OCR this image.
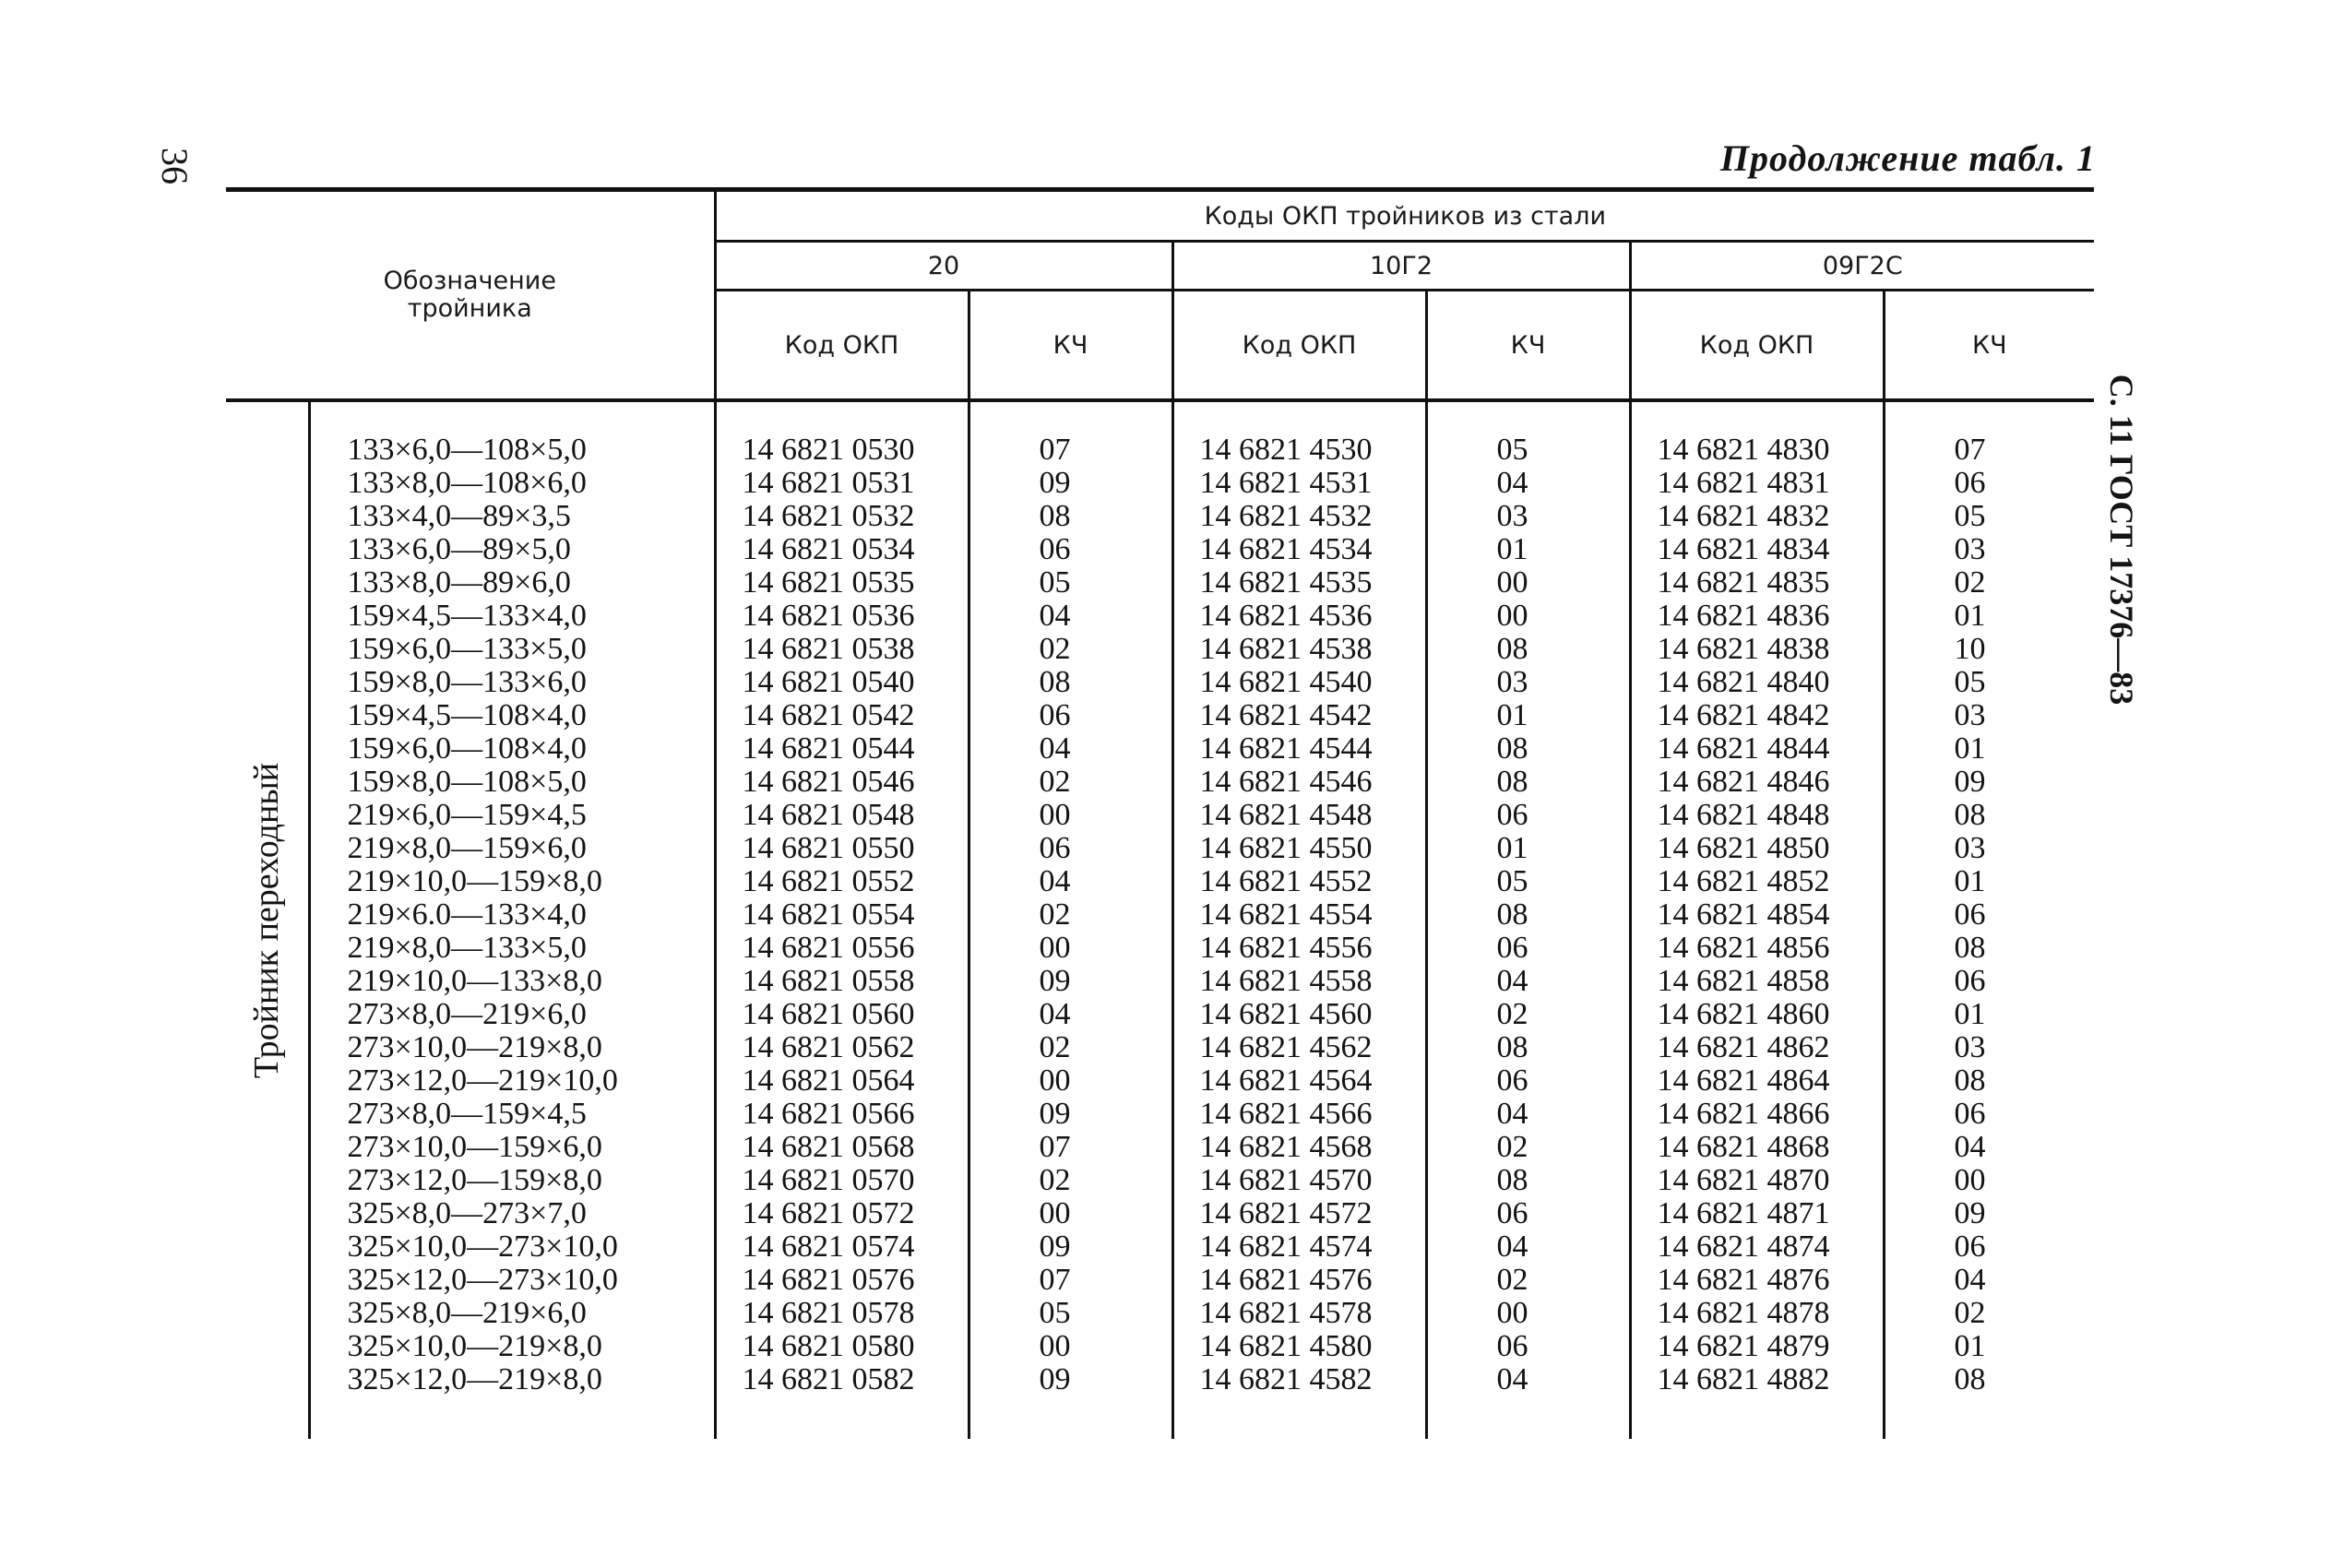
36	Продолжение табл. 1
С. 11 ГОСТ 17376—83
Обозначение
тройника		Коды ОКП тройников из стали					
		20		10Г2		09Г2С	
		Код ОКП	КЧ	Код ОКП	КЧ	Код ОКП	КЧ

Тройник переходный	133×6,0—108×5,0	14 6821 0530	07	14 6821 4530	05	14 6821 4830	07
	133×8,0—108×6,0	14 6821 0531	09	14 6821 4531	04	14 6821 4831	06
	133×4,0—89×3,5	14 6821 0532	08	14 6821 4532	03	14 6821 4832	05
	133×6,0—89×5,0	14 6821 0534	06	14 6821 4534	01	14 6821 4834	03
	133×8,0—89×6,0	14 6821 0535	05	14 6821 4535	00	14 6821 4835	02
	159×4,5—133×4,0	14 6821 0536	04	14 6821 4536	00	14 6821 4836	01
	159×6,0—133×5,0	14 6821 0538	02	14 6821 4538	08	14 6821 4838	10
	159×8,0—133×6,0	14 6821 0540	08	14 6821 4540	03	14 6821 4840	05
	159×4,5—108×4,0	14 6821 0542	06	14 6821 4542	01	14 6821 4842	03
	159×6,0—108×4,0	14 6821 0544	04	14 6821 4544	08	14 6821 4844	01
	159×8,0—108×5,0	14 6821 0546	02	14 6821 4546	08	14 6821 4846	09
	219×6,0—159×4,5	14 6821 0548	00	14 6821 4548	06	14 6821 4848	08
	219×8,0—159×6,0	14 6821 0550	06	14 6821 4550	01	14 6821 4850	03
	219×10,0—159×8,0	14 6821 0552	04	14 6821 4552	05	14 6821 4852	01
	219×6.0—133×4,0	14 6821 0554	02	14 6821 4554	08	14 6821 4854	06
	219×8,0—133×5,0	14 6821 0556	00	14 6821 4556	06	14 6821 4856	08
	219×10,0—133×8,0	14 6821 0558	09	14 6821 4558	04	14 6821 4858	06
	273×8,0—219×6,0	14 6821 0560	04	14 6821 4560	02	14 6821 4860	01
	273×10,0—219×8,0	14 6821 0562	02	14 6821 4562	08	14 6821 4862	03
	273×12,0—219×10,0	14 6821 0564	00	14 6821 4564	06	14 6821 4864	08
	273×8,0—159×4,5	14 6821 0566	09	14 6821 4566	04	14 6821 4866	06
	273×10,0—159×6,0	14 6821 0568	07	14 6821 4568	02	14 6821 4868	04
	273×12,0—159×8,0	14 6821 0570	02	14 6821 4570	08	14 6821 4870	00
	325×8,0—273×7,0	14 6821 0572	00	14 6821 4572	06	14 6821 4871	09
	325×10,0—273×10,0	14 6821 0574	09	14 6821 4574	04	14 6821 4874	06
	325×12,0—273×10,0	14 6821 0576	07	14 6821 4576	02	14 6821 4876	04
	325×8,0—219×6,0	14 6821 0578	05	14 6821 4578	00	14 6821 4878	02
	325×10,0—219×8,0	14 6821 0580	00	14 6821 4580	06	14 6821 4879	01
	325×12,0—219×8,0	14 6821 0582	09	14 6821 4582	04	14 6821 4882	08
